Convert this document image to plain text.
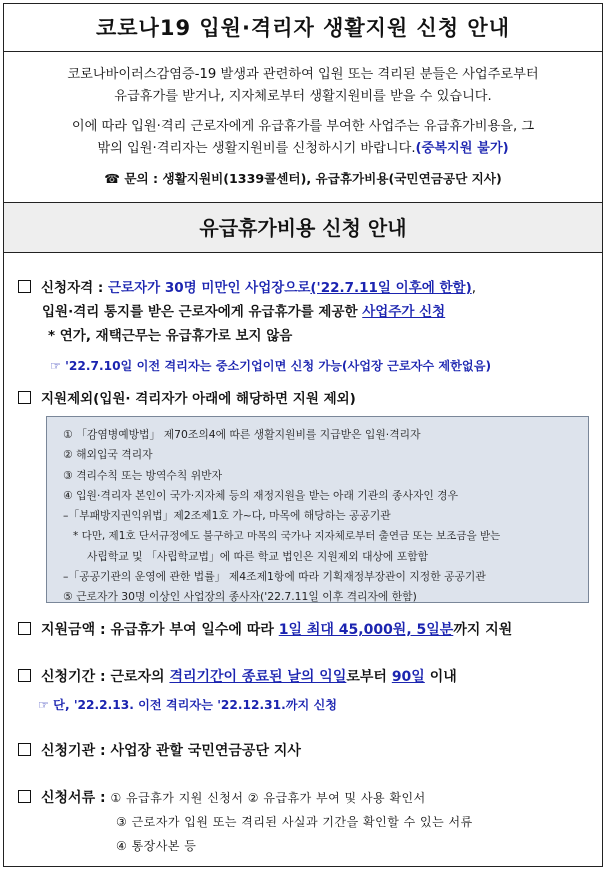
코로나19 입원·격리자 생활지원 신청 안내

코로나바이러스감염증-19 발생과 관련하여 입원 또는 격리된 분들은 사업주로부터
유급휴가를 받거나, 지자체로부터 생활지원비를 받을 수 있습니다.

이에 따라 입원·격리 근로자에게 유급휴가를 부여한 사업주는 유급휴가비용을, 그
밖의 입원·격리자는 생활지원비를 신청하시기 바랍니다.(중복지원 불가)

☎ 문의 : 생활지원비(1339콜센터), 유급휴가비용(국민연금공단 지사)

유급휴가비용 신청 안내
신청자격 : 근로자가 30명 미만인 사업장으로('22.7.11일 이후에 한함),
입원·격리 통지를 받은 근로자에게 유급휴가를 제공한 사업주가 신청
* 연가, 재택근무는 유급휴가로 보지 않음
☞ '22.7.10일 이전 격리자는 중소기업이면 신청 가능(사업장 근로자수 제한없음)
지원제외(입원· 격리자가 아래에 해당하면 지원 제외)
지원금액 : 유급휴가 부여 일수에 따라 1일 최대 45,000원, 5일분까지 지원
신청기간 : 근로자의 격리기간이 종료된 날의 익일로부터 90일 이내
☞ 단, '22.2.13. 이전 격리자는 '22.12.31.까지 신청
신청기관 : 사업장 관할 국민연금공단 지사
신청서류 : ① 유급휴가 지원 신청서 ② 유급휴가 부여 및 사용 확인서
③ 근로자가 입원 또는 격리된 사실과 기간을 확인할 수 있는 서류
④ 통장사본 등
① 「감염병예방법」 제70조의4에 따른 생활지원비를 지급받은 입원·격리자
② 해외입국 격리자
③ 격리수칙 또는 방역수칙 위반자
④ 입원·격리자 본인이 국가·지자체 등의 재정지원을 받는 아래 기관의 종사자인 경우
–「부패방지권익위법」제2조제1호 가~다, 마목에 해당하는 공공기관
* 다만, 제1호 단서규정에도 불구하고 마목의 국가나 지자체로부터 출연금 또는 보조금을 받는
사립학교 및 「사립학교법」에 따른 학교 법인은 지원제외 대상에 포함함
–「공공기관의 운영에 관한 법률」 제4조제1항에 따라 기획재정부장관이 지정한 공공기관
⑤ 근로자가 30명 이상인 사업장의 종사자('22.7.11일 이후 격리자에 한함)
